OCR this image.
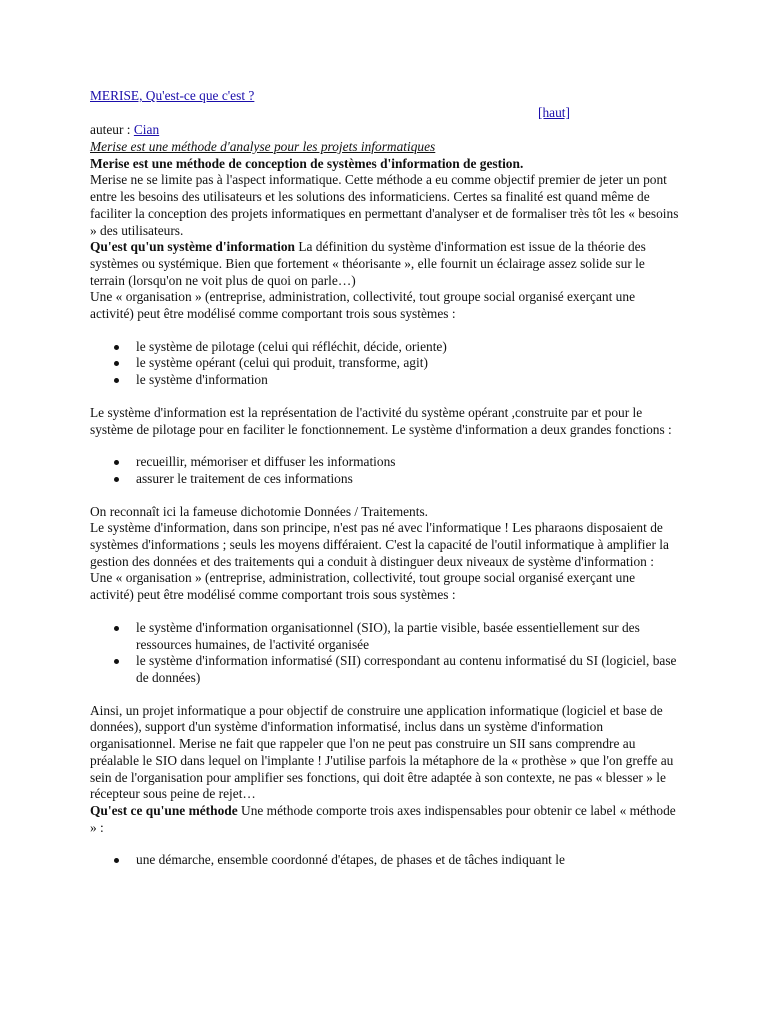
MERISE, Qu'est-ce que c'est ?
[haut]
auteur : Cian

Merise est une méthode d'analyse pour les projets informatiques

Merise est une méthode de conception de systèmes d'information de gestion.

Merise ne se limite pas à l'aspect informatique. Cette méthode a eu comme objectif premier de jeter un pont entre les besoins des utilisateurs et les solutions des informaticiens. Certes sa finalité est quand même de faciliter la conception des projets informatiques en permettant d'analyser et de formaliser très tôt les « besoins » des utilisateurs.

Qu'est qu'un système d'information La définition du système d'information est issue de la théorie des systèmes ou systémique. Bien que fortement « théorisante », elle fournit un éclairage assez solide sur le terrain (lorsqu'on ne voit plus de quoi on parle…)

Une « organisation » (entreprise, administration, collectivité, tout groupe social organisé exerçant une activité) peut être modélisé comme comportant trois sous systèmes :

le système de pilotage (celui qui réfléchit, décide, oriente)
le système opérant (celui qui produit, transforme, agit)
le système d'information

Le système d'information est la représentation de l'activité du système opérant ,construite par et pour le système de pilotage pour en faciliter le fonctionnement. Le système d'information a deux grandes fonctions :

recueillir, mémoriser et diffuser les informations
assurer le traitement de ces informations

On reconnaît ici la fameuse dichotomie Données / Traitements.

Le système d'information, dans son principe, n'est pas né avec l'informatique ! Les pharaons disposaient de systèmes d'informations ; seuls les moyens différaient. C'est la capacité de l'outil informatique à amplifier la gestion des données et des traitements qui a conduit à distinguer deux niveaux de système d'information :

Une « organisation » (entreprise, administration, collectivité, tout groupe social organisé exerçant une activité) peut être modélisé comme comportant trois sous systèmes :

le système d'information organisationnel (SIO), la partie visible, basée essentiellement sur des ressources humaines, de l'activité organisée
le système d'information informatisé (SII) correspondant au contenu informatisé du SI (logiciel, base de données)

Ainsi, un projet informatique a pour objectif de construire une application informatique (logiciel et base de données), support d'un système d'information informatisé, inclus dans un système d'information organisationnel. Merise ne fait que rappeler que l'on ne peut pas construire un SII sans comprendre au préalable le SIO dans lequel on l'implante ! J'utilise parfois la métaphore de la « prothèse » que l'on greffe au sein de l'organisation pour amplifier ses fonctions, qui doit être adaptée à son contexte, ne pas « blesser » le récepteur sous peine de rejet…

Qu'est ce qu'une méthode Une méthode comporte trois axes indispensables pour obtenir ce label « méthode » :

une démarche, ensemble coordonné d'étapes, de phases et de tâches indiquant le
